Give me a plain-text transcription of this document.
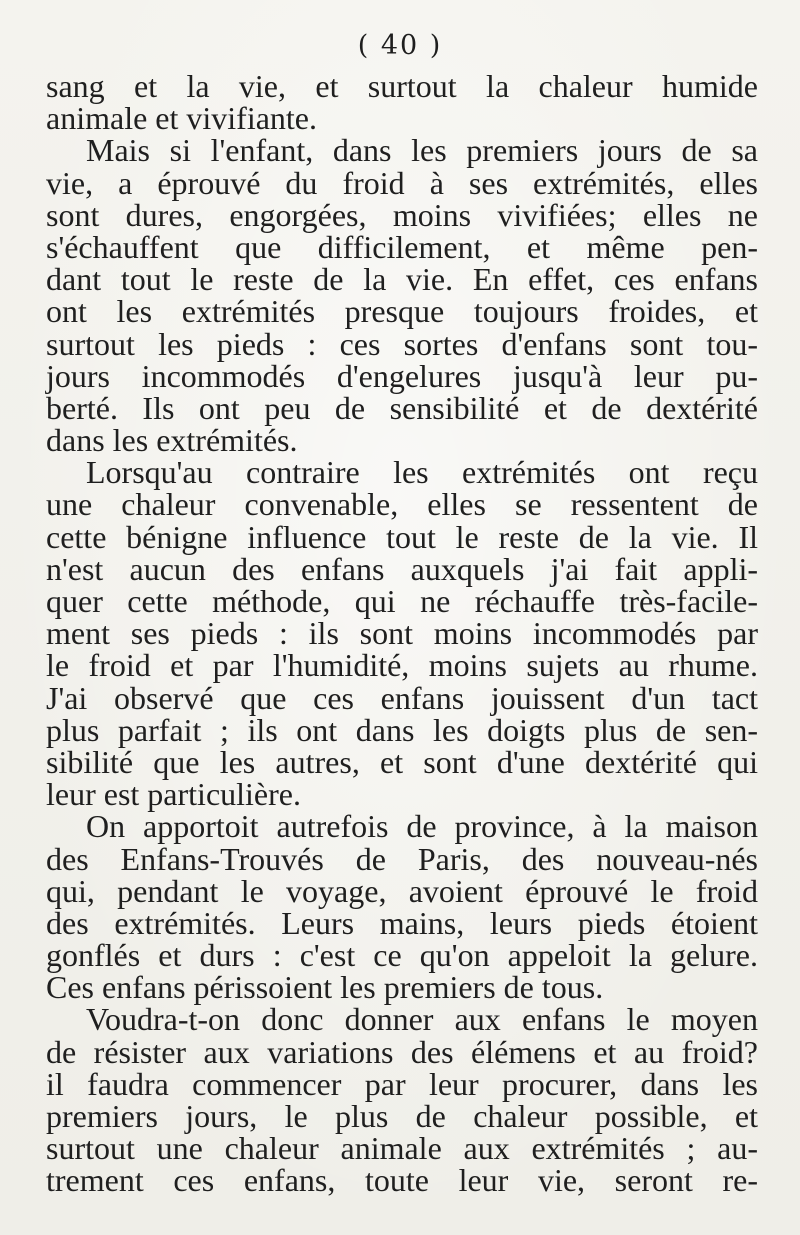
( 40 )
sang et la vie, et surtout la chaleur humide
animale et vivifiante.
Mais si l'enfant, dans les premiers jours de sa
vie, a éprouvé du froid à ses extrémités, elles
sont dures, engorgées, moins vivifiées; elles ne
s'échauffent que difficilement, et même pen-
dant tout le reste de la vie. En effet, ces enfans
ont les extrémités presque toujours froides, et
surtout les pieds : ces sortes d'enfans sont tou-
jours incommodés d'engelures jusqu'à leur pu-
berté. Ils ont peu de sensibilité et de dextérité
dans les extrémités.
Lorsqu'au contraire les extrémités ont reçu
une chaleur convenable, elles se ressentent de
cette bénigne influence tout le reste de la vie. Il
n'est aucun des enfans auxquels j'ai fait appli-
quer cette méthode, qui ne réchauffe très-facile-
ment ses pieds : ils sont moins incommodés par
le froid et par l'humidité, moins sujets au rhume.
J'ai observé que ces enfans jouissent d'un tact
plus parfait ; ils ont dans les doigts plus de sen-
sibilité que les autres, et sont d'une dextérité qui
leur est particulière.
On apportoit autrefois de province, à la maison
des Enfans-Trouvés de Paris, des nouveau-nés
qui, pendant le voyage, avoient éprouvé le froid
des extrémités. Leurs mains, leurs pieds étoient
gonflés et durs : c'est ce qu'on appeloit la gelure.
Ces enfans périssoient les premiers de tous.
Voudra-t-on donc donner aux enfans le moyen
de résister aux variations des élémens et au froid?
il faudra commencer par leur procurer, dans les
premiers jours, le plus de chaleur possible, et
surtout une chaleur animale aux extrémités ; au-
trement ces enfans, toute leur vie, seront re-
